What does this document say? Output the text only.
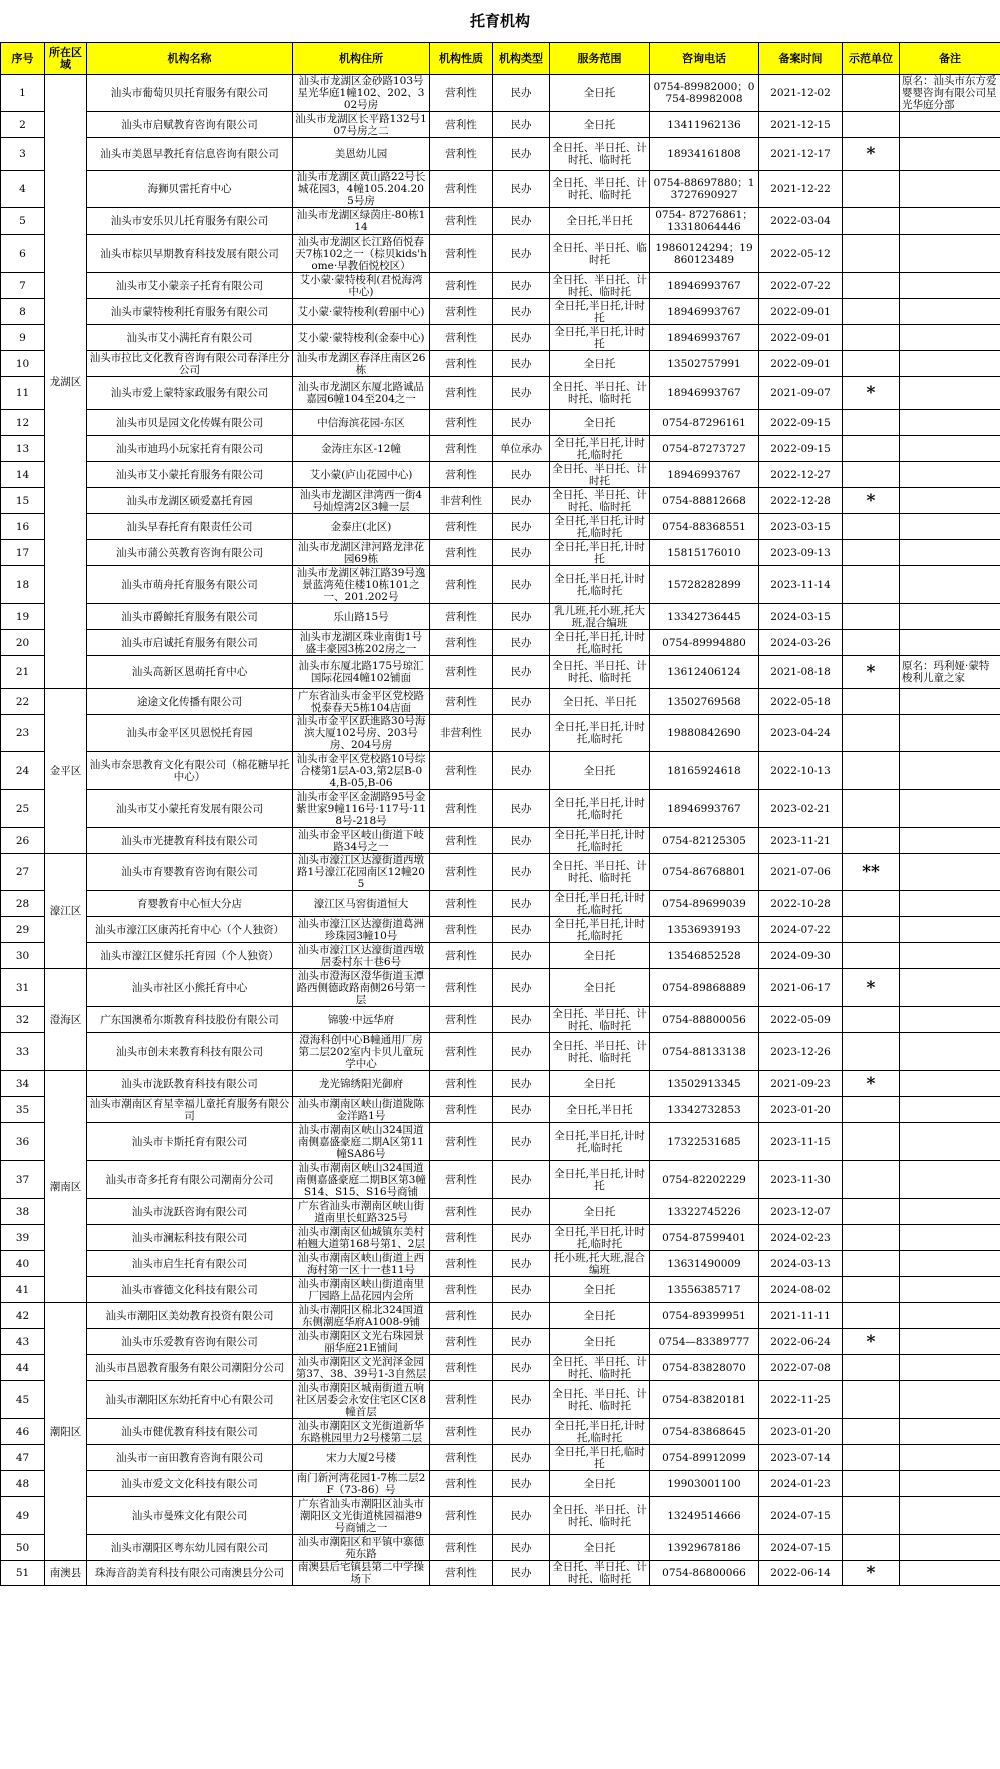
托育机构
序号	所在区域	机构名称	机构住所	机构性质	机构类型	服务范围	咨询电话	备案时间	示范单位	备注
1	龙湖区	汕头市葡萄贝贝托育服务有限公司	汕头市龙湖区金砂路103号星光华庭1幢102、202、302号房	营利性	民办	全日托	0754-89982000；0754-89982008	2021-12-02		原名：汕头市东方爱婴婴咨询有限公司星光华庭分部
2		汕头市启赋教育咨询有限公司	汕头市龙湖区长平路132号107号房之二	营利性	民办	全日托	13411962136	2021-12-15		
3		汕头市美恩早教托育信息咨询有限公司	美恩幼儿园	营利性	民办	全日托、半日托、计时托、临时托	18934161808	2021-12-17	*	
4		海狮贝雷托育中心	汕头市龙湖区黄山路22号长城花园3，4幢105.204.205号房	营利性	民办	全日托、半日托、计时托、临时托	0754-88697880；13727690927	2021-12-22		
5		汕头市安乐贝儿托育服务有限公司	汕头市龙湖区绿茵庄-80栋114	营利性	民办	全日托,半日托	0754- 87276861；13318064446	2022-03-04		
6		汕头市棕贝早期教育科技发展有限公司	汕头市龙湖区长江路佰悦春天7栋102之一（棕贝kids'home·早教佰悦校区）	营利性	民办	全日托、半日托、临时托	19860124294；19860123489	2022-05-12		
7		汕头市艾小蒙亲子托育有限公司	艾小蒙·蒙特梭利(君悦海湾中心)	营利性	民办	全日托、半日托、计时托、临时托	18946993767	2022-07-22		
8		汕头市蒙特梭利托育服务有限公司	艾小蒙·蒙特梭利(碧丽中心)	营利性	民办	全日托,半日托,计时托	18946993767	2022-09-01		
9		汕头市艾小满托育有限公司	艾小蒙·蒙特梭利(金泰中心)	营利性	民办	全日托,半日托,计时托	18946993767	2022-09-01		
10		汕头市拉比文化教育咨询有限公司春泽庄分公司	汕头市龙湖区春泽庄南区26栋	营利性	民办	全日托	13502757991	2022-09-01		
11		汕头市爱上蒙特家政服务有限公司	汕头市龙湖区东厦北路诚品嘉园6幢104至204之一	营利性	民办	全日托、半日托、计时托、临时托	18946993767	2021-09-07	*	
12		汕头市贝是园文化传媒有限公司	中信海滨花园-东区	营利性	民办	全日托	0754-87296161	2022-09-15		
13		汕头市迪玛小玩家托育有限公司	金涛庄东区-12幢	营利性	单位承办	全日托,半日托,计时托,临时托	0754-87273727	2022-09-15		
14		汕头市艾小蒙托育服务有限公司	艾小蒙(庐山花园中心)	营利性	民办	全日托、半日托、计时托	18946993767	2022-12-27		
15		汕头市龙湖区硕爱嘉托育园	汕头市龙湖区津湾西一街4号灿煌湾2区3幢一层	非营利性	民办	全日托、半日托、计时托、临时托	0754-88812668	2022-12-28	*	
16		汕头早春托育有限责任公司	金泰庄(北区)	营利性	民办	全日托,半日托,计时托,临时托	0754-88368551	2023-03-15		
17		汕头市蒲公英教育咨询有限公司	汕头市龙湖区津河路龙津花园69栋	营利性	民办	全日托,半日托,计时托	15815176010	2023-09-13		
18		汕头市萌舟托育服务有限公司	汕头市龙湖区韩江路39号逸景蓝湾苑住楼10栋101之一、201.202号	营利性	民办	全日托,半日托,计时托,临时托	15728282899	2023-11-14		
19		汕头市爵鲸托育服务有限公司	乐山路15号	营利性	民办	乳儿班,托小班,托大班,混合编班	13342736445	2024-03-15		
20		汕头市启诚托育服务有限公司	汕头市龙湖区珠业南街1号盛丰豪园3栋202房之一	营利性	民办	全日托,半日托,计时托,临时托	0754-89994880	2024-03-26		
21		汕头高新区恩萌托育中心	汕头市东厦北路175号琼汇国际花园4幢102铺面	营利性	民办	全日托、半日托、计时托、临时托	13612406124	2021-08-18	*	原名：玛利娅·蒙特梭利儿童之家
22	金平区	途途文化传播有限公司	广东省汕头市金平区党校路悦泰春天5栋104店面	营利性	民办	全日托、半日托	13502769568	2022-05-18		
23		汕头市金平区贝恩悦托育园	汕头市金平区跃進路30号海滨大厦102号房、203号房、204号房	非营利性	民办	全日托,半日托,计时托,临时托	19880842690	2023-04-24		
24		汕头市奈思教育文化有限公司（棉花糖早托中心）	汕头市金平区党校路10号综合楼第1层A-03,第2层B-04,B-05,B-06	营利性	民办	全日托	18165924618	2022-10-13		
25		汕头市艾小蒙托育发展有限公司	汕头市金平区金湖路95号金紫世家9幢116号·117号·118号-218号	营利性	民办	全日托,半日托,计时托,临时托	18946993767	2023-02-21		
26		汕头市光捷教育科技有限公司	汕头市金平区岐山街道下岐路34号之一	营利性	民办	全日托,半日托,计时托,临时托	0754-82125305	2023-11-21		
27	濠江区	汕头市育婴教育咨询有限公司	汕头市濠江区达濠街道西墩路1号濠江花园南区12幢205	营利性	民办	全日托、半日托、计时托、临时托	0754-86768801	2021-07-06	**	
28		育婴教育中心恒大分店	濠江区马窖街道恒大	营利性	民办	全日托,半日托,计时托,临时托	0754-89699039	2022-10-28		
29		汕头市濠江区康芮托育中心（个人独资）	汕头市濠江区达濠街道葛洲珍珠园3幢10号	营利性	民办	全日托,半日托,计时托,临时托	13536939193	2024-07-22		
30		汕头市濠江区健乐托育园（个人独资）	汕头市濠江区达濠街道西墩居委村东十巷6号	营利性	民办	全日托	13546852528	2024-09-30		
31	澄海区	汕头市社区小熊托育中心	汕头市澄海区澄华街道玉潭路西侧德政路南侧26号第一层	营利性	民办	全日托	0754-89868889	2021-06-17	*	
32		广东国澳希尔斯教育科技股份有限公司	锦骏·中远华府	营利性	民办	全日托、半日托、计时托、临时托	0754-88800056	2022-05-09		
33		汕头市创未来教育科技有限公司	澄海科创中心B幢通用厂房第二层202室内卡贝儿童玩学中心	营利性	民办	全日托、半日托、计时托、临时托	0754-88133138	2023-12-26		
34	潮南区	汕头市泷跃教育科技有限公司	龙光锦绣阳光御府	营利性	民办	全日托	13502913345	2021-09-23	*	
35		汕头市潮南区育星幸福儿童托育服务有限公司	汕头市潮南区峡山街道陇陈金洋路1号	营利性	民办	全日托,半日托	13342732853	2023-01-20		
36		汕头市卡斯托育有限公司	汕头市潮南区峡山324国道南侧嘉盛豪庭二期A区第11幢SA86号	营利性	民办	全日托,半日托,计时托,临时托	17322531685	2023-11-15		
37		汕头市奇多托育有限公司潮南分公司	汕头市潮南区峡山324国道南侧嘉盛豪庭二期B区第3幢S14、S15、S16号商铺	营利性	民办	全日托,半日托,计时托	0754-82202229	2023-11-30		
38		汕头市泷跃咨询有限公司	广东省汕头市潮南区峡山街道南里长虹路325号	营利性	民办	全日托	13322745226	2023-12-07		
39		汕头市澜耘科技有限公司	汕头市潮南区仙城镇东美村柏翘大道第168号第1、2层	营利性	民办	全日托,半日托,计时托,临时托	0754-87599401	2024-02-23		
40		汕头市启生托育有限公司	汕头市潮南区峡山街道上西海村第一区十一巷11号	营利性	民办	托小班,托大班,混合编班	13631490009	2024-03-13		
41		汕头市睿德文化科技有限公司	汕头市潮南区峡山街道南里厂园路上品花园内会所	营利性	民办	全日托	13556385717	2024-08-02		
42	潮阳区	汕头市潮阳区美幼教育投资有限公司	汕头市潮阳区棉北324国道东侧潮庭华府A1008-9铺	营利性	民办	全日托	0754-89399951	2021-11-11		
43		汕头市乐爱教育咨询有限公司	汕头市潮阳区文光右珠园景丽华庭21E铺间	营利性	民办	全日托	0754—83389777	2022-06-24	*	
44		汕头市昌恩教育服务有限公司潮阳分公司	汕头市潮阳区文光润泽金园第37、38、39号1-3自然层	营利性	民办	全日托、半日托、计时托、临时托	0754-83828070	2022-07-08		
45		汕头市潮阳区东幼托育中心有限公司	汕头市潮阳区城南街道五响社区居委会永安住宅区C区8幢首层	营利性	民办	全日托、半日托、计时托、临时托	0754-83820181	2022-11-25		
46		汕头市健优教育科技有限公司	汕头市潮阳区文光街道新华东路桃园里力2号楼第二层	营利性	民办	全日托,半日托,计时托,临时托	0754-83868645	2023-01-20		
47		汕头市一亩田教育咨询有限公司	宋力大厦2号楼	营利性	民办	全日托,半日托,临时托	0754-89912099	2023-07-14		
48		汕头市爱文文化科技有限公司	南门新河湾花园1-7栋二层2F（73-86）号	营利性	民办	全日托	19903001100	2024-01-23		
49		汕头市曼殊文化有限公司	广东省汕头市潮阳区汕头市潮阳区文光街道桃园福港9号商铺之一	营利性	民办	全日托、半日托、计时托、临时托	13249514666	2024-07-15		
50		汕头市潮阳区粤东幼儿园有限公司	汕头市潮阳区和平镇中寨德苑东路	营利性	民办	全日托	13929678186	2024-07-15		
51	南澳县	珠海音韵美育科技有限公司南澳县分公司	南澳县后宅镇县第二中学操场下	营利性	民办	全日托、半日托、计时托、临时托	0754-86800066	2022-06-14	*	
